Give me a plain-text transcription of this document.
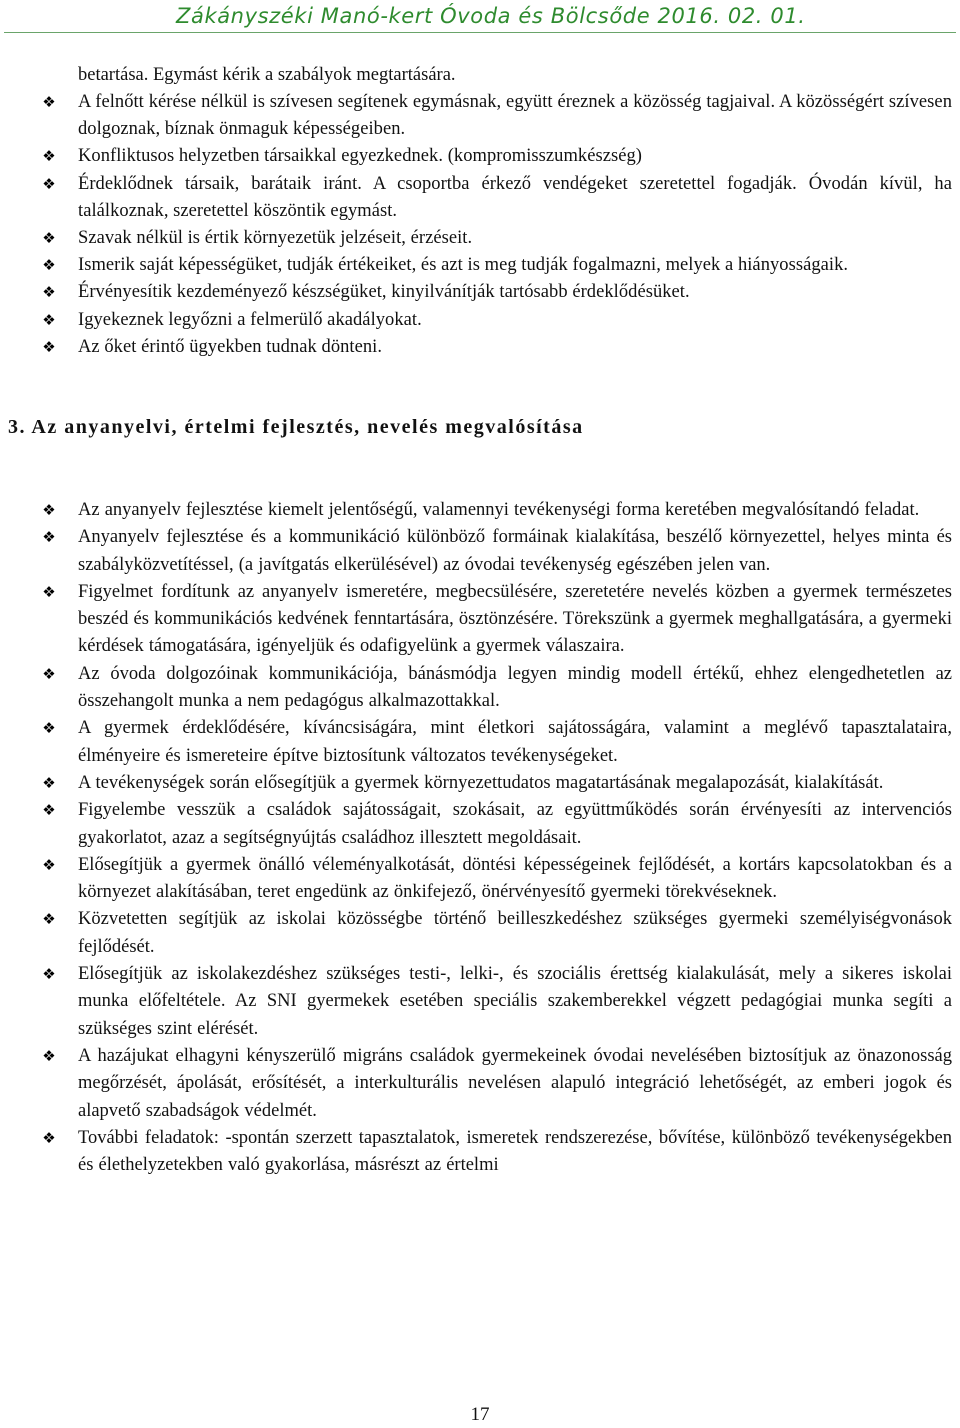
Zákányszéki Manó-kert Óvoda és Bölcsőde 2016. 02. 01.
betartása. Egymást kérik a szabályok megtartására.
❖ A felnőtt kérése nélkül is szívesen segítenek egymásnak, együtt éreznek a közösség tagjaival. A közösségért szívesen dolgoznak, bíznak önmaguk képességeiben.
❖ Konfliktusos helyzetben társaikkal egyezkednek. (kompromisszumkészség)
❖ Érdeklődnek társaik, barátaik iránt. A csoportba érkező vendégeket szeretettel fogadják. Óvodán kívül, ha találkoznak, szeretettel köszöntik egymást.
❖ Szavak nélkül is értik környezetük jelzéseit, érzéseit.
❖ Ismerik saját képességüket, tudják értékeiket, és azt is meg tudják fogalmazni, melyek a hiányosságaik.
❖ Érvényesítik kezdeményező készségüket, kinyilvánítják tartósabb érdeklődésüket.
❖ Igyekeznek legyőzni a felmerülő akadályokat.
❖ Az őket érintő ügyekben tudnak dönteni.
3. Az anyanyelvi, értelmi fejlesztés, nevelés megvalósítása
❖ Az anyanyelv fejlesztése kiemelt jelentőségű, valamennyi tevékenységi forma keretében megvalósítandó feladat.
❖ Anyanyelv fejlesztése és a kommunikáció különböző formáinak kialakítása, beszélő környezettel, helyes minta és szabályközvetítéssel, (a javítgatás elkerülésével) az óvodai tevékenység egészében jelen van.
❖ Figyelmet fordítunk az anyanyelv ismeretére, megbecsülésére, szeretetére nevelés közben a gyermek természetes beszéd és kommunikációs kedvének fenntartására, ösztönzésére. Törekszünk a gyermek meghallgatására, a gyermeki kérdések támogatására, igényeljük és odafigyelünk a gyermek válaszaira.
❖ Az óvoda dolgozóinak kommunikációja, bánásmódja legyen mindig modell értékű, ehhez elengedhetetlen az összehangolt munka a nem pedagógus alkalmazottakkal.
❖ A gyermek érdeklődésére, kíváncsiságára, mint életkori sajátosságára, valamint a meglévő tapasztalataira, élményeire és ismereteire építve biztosítunk változatos tevékenységeket.
❖ A tevékenységek során elősegítjük a gyermek környezettudatos magatartásának megalapozását, kialakítását.
❖ Figyelembe vesszük a családok sajátosságait, szokásait, az együttműködés során érvényesíti az intervenciós gyakorlatot, azaz a segítségnyújtás családhoz illesztett megoldásait.
❖ Elősegítjük a gyermek önálló véleményalkotását, döntési képességeinek fejlődését, a kortárs kapcsolatokban és a környezet alakításában, teret engedünk az önkifejező, önérvényesítő gyermeki törekvéseknek.
❖ Közvetetten segítjük az iskolai közösségbe történő beilleszkedéshez szükséges gyermeki személyiségvonások fejlődését.
❖ Elősegítjük az iskolakezdéshez szükséges testi-, lelki-, és szociális érettség kialakulását, mely a sikeres iskolai munka előfeltétele. Az SNI gyermekek esetében speciális szakemberekkel végzett pedagógiai munka segíti a szükséges szint elérését.
❖ A hazájukat elhagyni kényszerülő migráns családok gyermekeinek óvodai nevelésében biztosítjuk az önazonosság megőrzését, ápolását, erősítését, a interkulturális nevelésen alapuló integráció lehetőségét, az emberi jogok és alapvető szabadságok védelmét.
❖ További feladatok: -spontán szerzett tapasztalatok, ismeretek rendszerezése, bővítése, különböző tevékenységekben és élethelyzetekben való gyakorlása, másrészt az értelmi
17
